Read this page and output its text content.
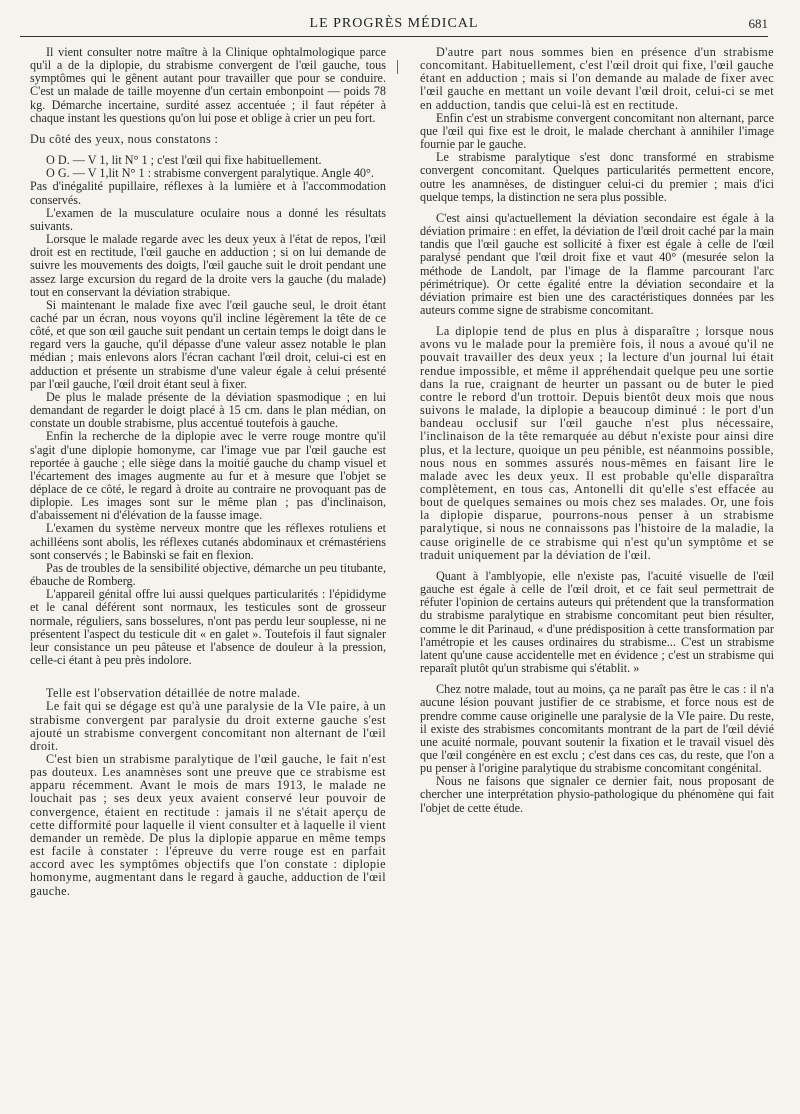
LE PROGRÈS MÉDICAL	681

Il vient consulter notre maître à la Clinique ophtalmologique parce qu'il a de la diplopie, du strabisme convergent de l'œil gauche, tous symptômes qui le gênent autant pour travailler que pour se conduire. C'est un malade de taille moyenne d'un certain embonpoint — poids 78 kg. Démarche incertaine, surdité assez accentuée ; il faut répéter à chaque instant les questions qu'on lui pose et oblige à crier un peu fort.

Du côté des yeux, nous constatons :

O D. — V 1, lit N° 1 ; c'est l'œil qui fixe habituellement.

O G. — V 1,lit N° 1 : strabisme convergent paralytique. Angle 40°.

Pas d'inégalité pupillaire, réflexes à la lumière et à l'accommodation conservés.

L'examen de la musculature oculaire nous a donné les résultats suivants.

Lorsque le malade regarde avec les deux yeux à l'état de repos, l'œil droit est en rectitude, l'œil gauche en adduction ; si on lui demande de suivre les mouvements des doigts, l'œil gauche suit le droit pendant une assez large excursion du regard de la droite vers la gauche (du malade) tout en conservant la déviation strabique.

Si maintenant le malade fixe avec l'œil gauche seul, le droit étant caché par un écran, nous voyons qu'il incline légèrement la tête de ce côté, et que son œil gauche suit pendant un certain temps le doigt dans le regard vers la gauche, qu'il dépasse d'une valeur assez notable le plan médian ; mais enlevons alors l'écran cachant l'œil droit, celui-ci est en adduction et présente un strabisme d'une valeur égale à celui présenté par l'œil gauche, l'œil droit étant seul à fixer.

De plus le malade présente de la déviation spasmodique ; en lui demandant de regarder le doigt placé à 15 cm. dans le plan médian, on constate un double strabisme, plus accentué toutefois à gauche.

Enfin la recherche de la diplopie avec le verre rouge montre qu'il s'agit d'une diplopie homonyme, car l'image vue par l'œil gauche est reportée à gauche ; elle siège dans la moitié gauche du champ visuel et l'écartement des images augmente au fur et à mesure que l'objet se déplace de ce côté, le regard à droite au contraire ne provoquant pas de diplopie. Les images sont sur le même plan ; pas d'inclinaison, d'abaissement ni d'élévation de la fausse image.

L'examen du système nerveux montre que les réflexes rotuliens et achilléens sont abolis, les réflexes cutanés abdominaux et crémastériens sont conservés ; le Babinski se fait en flexion.

Pas de troubles de la sensibilité objective, démarche un peu titubante, ébauche de Romberg.

L'appareil génital offre lui aussi quelques particularités : l'épididyme et le canal déférent sont normaux, les testicules sont de grosseur normale, réguliers, sans bosselures, n'ont pas perdu leur souplesse, ni ne présentent l'aspect du testicule dit « en galet ». Toutefois il faut signaler leur consistance un peu pâteuse et l'absence de douleur à la pression, celle-ci étant à peu près indolore.

Telle est l'observation détaillée de notre malade.

Le fait qui se dégage est qu'à une paralysie de la VIe paire, à un strabisme convergent par paralysie du droit externe gauche s'est ajouté un strabisme convergent concomitant non alternant de l'œil droit.

C'est bien un strabisme paralytique de l'œil gauche, le fait n'est pas douteux. Les anamnèses sont une preuve que ce strabisme est apparu récemment. Avant le mois de mars 1913, le malade ne louchait pas ; ses deux yeux avaient conservé leur pouvoir de convergence, étaient en rectitude : jamais il ne s'était aperçu de cette difformité pour laquelle il vient consulter et à laquelle il vient demander un remède. De plus la diplopie apparue en même temps est facile à constater : l'épreuve du verre rouge est en parfait accord avec les symptômes objectifs que l'on constate : diplopie homonyme, augmentant dans le regard à gauche, adduction de l'œil gauche.

D'autre part nous sommes bien en présence d'un strabisme concomitant. Habituellement, c'est l'œil droit qui fixe, l'œil gauche étant en adduction ; mais si l'on demande au malade de fixer avec l'œil gauche en mettant un voile devant l'œil droit, celui-ci se met en adduction, tandis que celui-là est en rectitude.

Enfin c'est un strabisme convergent concomitant non alternant, parce que l'œil qui fixe est le droit, le malade cherchant à annihiler l'image fournie par le gauche.

Le strabisme paralytique s'est donc transformé en strabisme convergent concomitant. Quelques particularités permettent encore, outre les anamnèses, de distinguer celui-ci du premier ; mais d'ici quelque temps, la distinction ne sera plus possible.

C'est ainsi qu'actuellement la déviation secondaire est égale à la déviation primaire : en effet, la déviation de l'œil droit caché par la main tandis que l'œil gauche est sollicité à fixer est égale à celle de l'œil paralysé pendant que l'œil droit fixe et vaut 40° (mesurée selon la méthode de Landolt, par l'image de la flamme parcourant l'arc périmétrique). Or cette égalité entre la déviation secondaire et la déviation primaire est bien une des caractéristiques données par les auteurs comme signe de strabisme concomitant.

La diplopie tend de plus en plus à disparaître ; lorsque nous avons vu le malade pour la première fois, il nous a avoué qu'il ne pouvait travailler des deux yeux ; la lecture d'un journal lui était rendue impossible, et même il appréhendait quelque peu une sortie dans la rue, craignant de heurter un passant ou de buter le pied contre le rebord d'un trottoir. Depuis bientôt deux mois que nous suivons le malade, la diplopie a beaucoup diminué : le port d'un bandeau occlusif sur l'œil gauche n'est plus nécessaire, l'inclinaison de la tête remarquée au début n'existe pour ainsi dire plus, et la lecture, quoique un peu pénible, est néanmoins possible, nous nous en sommes assurés nous-mêmes en faisant lire le malade avec les deux yeux. Il est probable qu'elle disparaîtra complètement, en tous cas, Antonelli dit qu'elle s'est effacée au bout de quelques semaines ou mois chez ses malades. Or, une fois la diplopie disparue, pourrons-nous penser à un strabisme paralytique, si nous ne connaissons pas l'histoire de la maladie, la cause originelle de ce strabisme qui n'est qu'un symptôme et se traduit uniquement par la déviation de l'œil.

Quant à l'amblyopie, elle n'existe pas, l'acuité visuelle de l'œil gauche est égale à celle de l'œil droit, et ce fait seul permettrait de réfuter l'opinion de certains auteurs qui prétendent que la transformation du strabisme paralytique en strabisme concomitant peut bien résulter, comme le dit Parinaud, « d'une prédisposition à cette transformation par l'amétropie et les causes ordinaires du strabisme... C'est un strabisme latent qu'une cause accidentelle met en évidence ; c'est un strabisme qui reparaît plutôt qu'un strabisme qui s'établit. »

Chez notre malade, tout au moins, ça ne paraît pas être le cas : il n'a aucune lésion pouvant justifier de ce strabisme, et force nous est de prendre comme cause originelle une paralysie de la VIe paire. Du reste, il existe des strabismes concomitants montrant de la part de l'œil dévié une acuité normale, pouvant soutenir la fixation et le travail visuel dès que l'œil congénère en est exclu ; c'est dans ces cas, du reste, que l'on a pu penser à l'origine paralytique du strabisme concomitant congénital.

Nous ne faisons que signaler ce dernier fait, nous proposant de chercher une interprétation physio-pathologique du phénomène qui fait l'objet de cette étude.
